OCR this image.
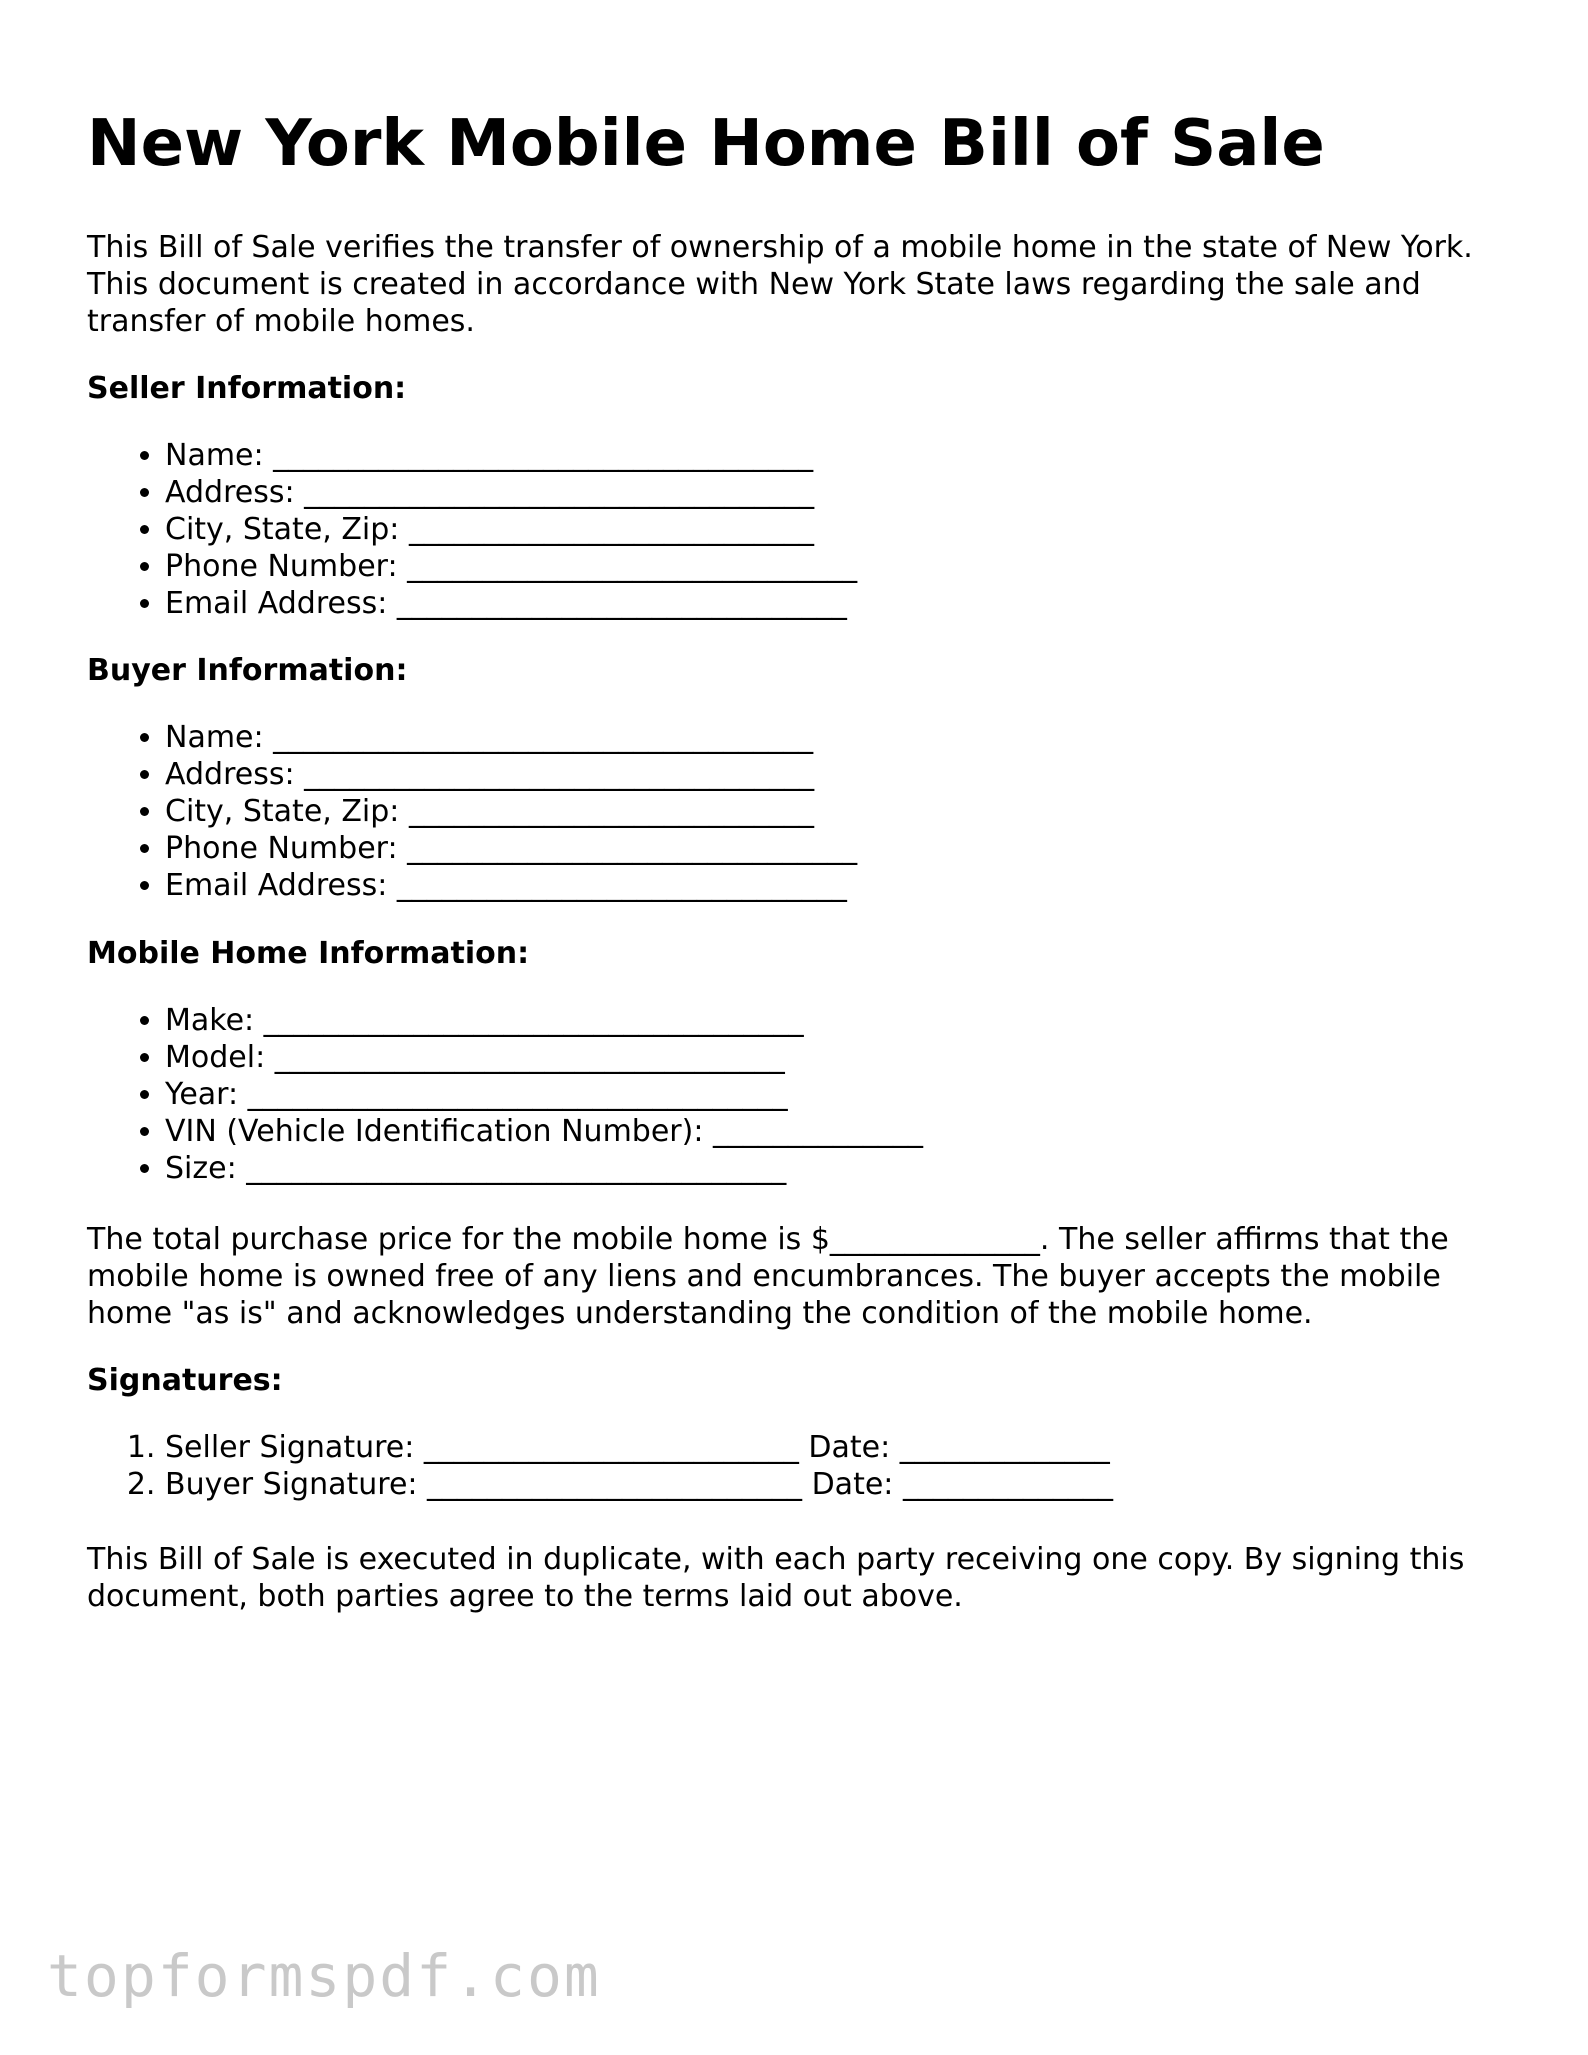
New York Mobile Home Bill of Sale

This Bill of Sale verifies the transfer of ownership of a mobile home in the state of New York. This document is created in accordance with New York State laws regarding the sale and transfer of mobile homes.

Seller Information:

• Name: ____________________________________
• Address: __________________________________
• City, State, Zip: ___________________________
• Phone Number: ______________________________
• Email Address: ______________________________

Buyer Information:

• Name: ____________________________________
• Address: __________________________________
• City, State, Zip: ___________________________
• Phone Number: ______________________________
• Email Address: ______________________________

Mobile Home Information:

• Make: ____________________________________
• Model: __________________________________
• Year: ____________________________________
• VIN (Vehicle Identification Number): ______________
• Size: ____________________________________

The total purchase price for the mobile home is $______________. The seller affirms that the mobile home is owned free of any liens and encumbrances. The buyer accepts the mobile home "as is" and acknowledges understanding the condition of the mobile home.

Signatures:

1. Seller Signature: _________________________ Date: ______________
2. Buyer Signature: _________________________ Date: ______________

This Bill of Sale is executed in duplicate, with each party receiving one copy. By signing this document, both parties agree to the terms laid out above.

topformspdf.com
